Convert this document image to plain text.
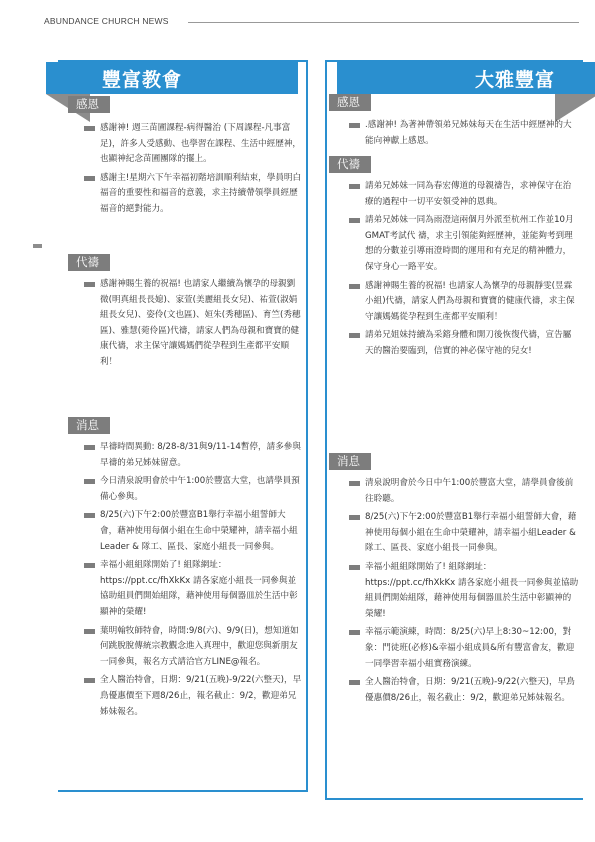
ABUNDANCE CHURCH NEWS
豐富教會
感恩
感謝神! 週三苗圃課程-病得醫治 (下周課程-凡事富足)，許多人受感動、也學習在課程、生活中經歷神，也顯神紀念苗圃團隊的擺上。
感謝主!星期六下午幸福初階培訓順利結束，學員明白福音的重要性和福音的意義，求主持續帶領學員經歷福音的絕對能力。
代禱
感謝神賜生養的祝福! 也請家人繼續為懷孕的母親劉微(明真組長長媳)、家萱(美麗組長女兒)、祐萱(淑娟組長女兒)、姿伶(文也區)、姮朱(秀穗區)、育竺(秀穗區)、雅慧(菀伶區)代禱，請家人們為母親和寶寶的健康代禱，求主保守讓媽媽們從孕程到生產都平安順利！
消息
早禱時間異動: 8/28-8/31與9/11-14暫停，請多參與早禱的弟兄姊妹留意。
今日清泉說明會於中午1:00於豐富大堂，也請學員預備心參與。
8/25(六)下午2:00於豐富B1舉行幸福小組誓師大會，藉神使用每個小組在生命中榮耀神，請幸福小組Leader & 隊工、區長、家庭小組長一同參與。
幸福小組組隊開始了! 組隊網址：https://ppt.cc/fhXkKx 請各家庭小組長一同參與並協助組員們開始組隊，藉神使用每個器皿於生活中彰顯神的榮耀!
葉明翰牧師特會，時間:9/8(六)、9/9(日)，想知道如何跳脫脫傳統宗教觀念進入真理中，歡迎您與新朋友一同參與，報名方式請洽官方LINE@報名。
全人醫治特會，日期：9/21(五晚)-9/22(六整天)，早鳥優惠價至下週8/26止，報名截止：9/2，歡迎弟兄姊妹報名。
大雅豐富
感恩
.感謝神! 為著神帶領弟兄姊妹每天在生活中經歷神的大能向神獻上感恩。
代禱
請弟兄姊妹一同為春宏傳道的母親禱告，求神保守在治療的過程中一切平安領受神的恩典。
請弟兄姊妹一同為雨澄這兩個月外派至杭州工作並10月GMAT考試代 禱，求主引領能夠經歷神，並能夠考到理想的分數並引導雨澄時間的運用和有充足的精神體力，保守身心一路平安。
感謝神賜生養的祝福! 也請家人為懷孕的母親靜雯(昱霖小組)代禱，請家人們為母親和寶寶的健康代禱，求主保守讓媽媽從孕程到生產都平安順利！
請弟兄姐妹持續為采鎔身體和開刀後恢復代禱，宣告屬天的醫治要臨到，信實的神必保守祂的兒女!
消息
清泉說明會於今日中午1:00於豐富大堂，請學員會後前往聆聽。
8/25(六)下午2:00於豐富B1舉行幸福小組誓師大會，藉神使用每個小組在生命中榮耀神，請幸福小組Leader & 隊工、區長、家庭小組長一同參與。
幸福小組組隊開始了! 組隊網址：https://ppt.cc/fhXkKx 請各家庭小組長一同參與並協助組員們開始組隊，藉神使用每個器皿於生活中彰顯神的榮耀!
幸福示範演練，時間：8/25(六)早上8:30~12:00，對象：門徒班(必修)&幸福小組成員&所有豐富會友，歡迎一同學習幸福小組實務演練。
全人醫治特會，日期：9/21(五晚)-9/22(六整天)，早鳥優惠價8/26止，報名截止：9/2，歡迎弟兄姊妹報名。
